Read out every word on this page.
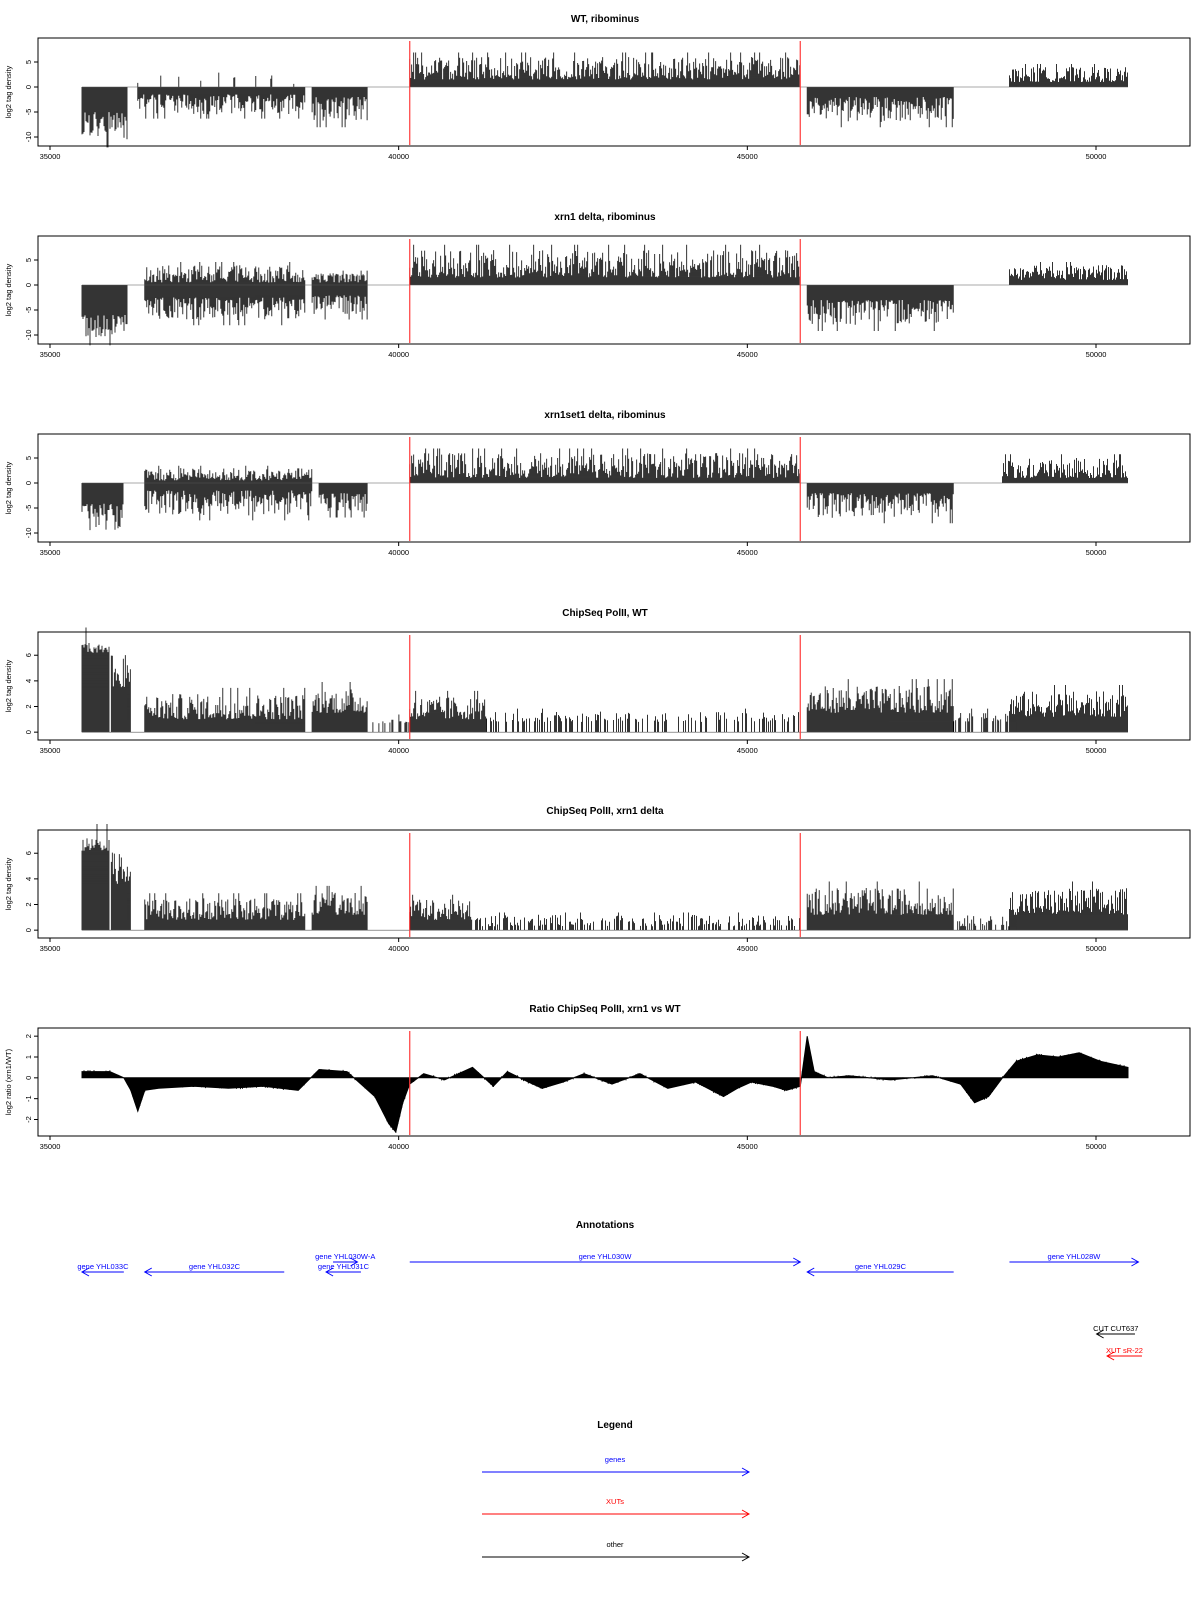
WT, ribominus
log2 tag density
-10
-5
0
5
35000	40000	45000	50000
xrn1 delta, ribominus
log2 tag density
-10
-5
0
5
35000	40000	45000	50000
xrn1set1 delta, ribominus
log2 tag density
-10
-5
0
5
35000	40000	45000	50000
ChipSeq PolII, WT
log2 tag density
0
2
4
6
35000	40000	45000	50000
ChipSeq PolII, xrn1 delta
log2 tag density
0
2
4
6
35000	40000	45000	50000
Ratio ChipSeq PolII, xrn1 vs WT
log2 ratio (xrn1/WT)
-2
-1
0
1
2
35000	40000	45000	50000
Annotations
gene YHL033C	gene YHL032C
gene YHL030W-A
gene YHL031C
gene YHL030W
gene YHL029C
gene YHL028W
CUT CUT637
XUT sR-22
Legend
genes
XUTs
other
